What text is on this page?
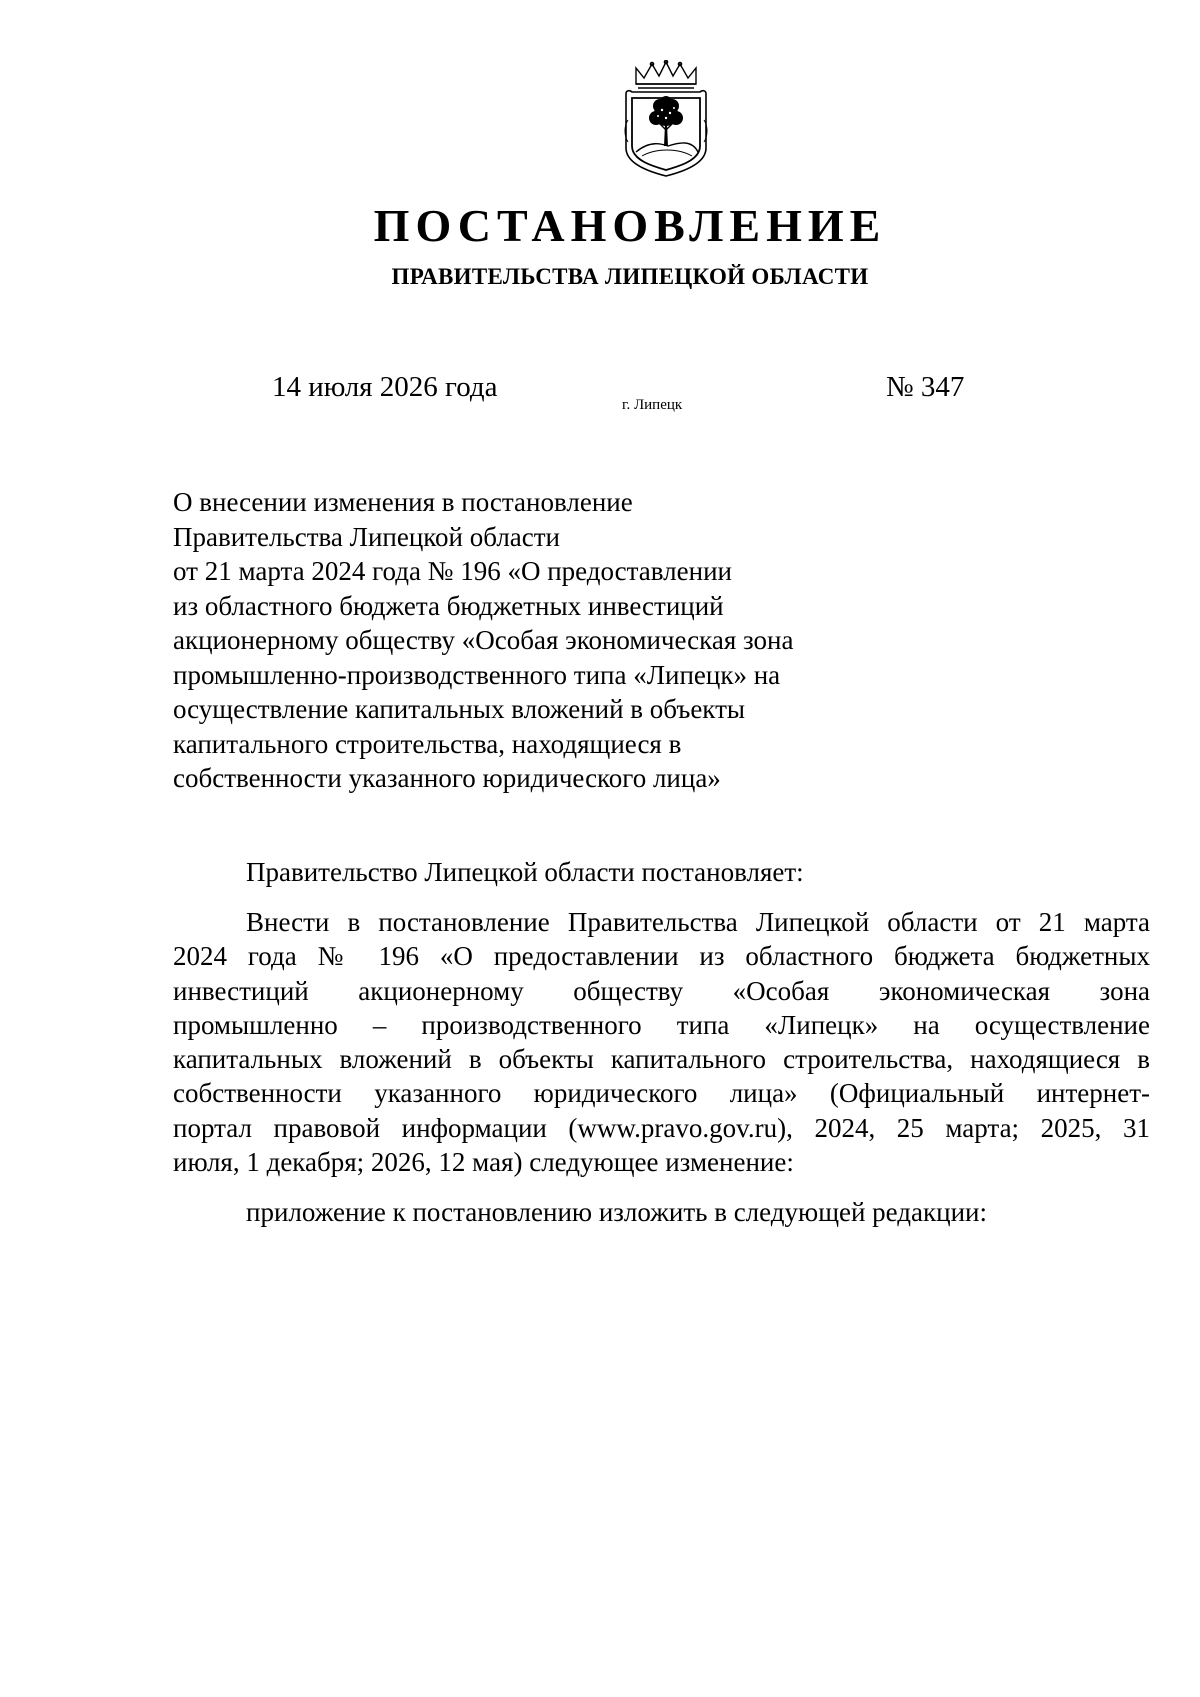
ПОСТАНОВЛЕНИЕ
ПРАВИТЕЛЬСТВА ЛИПЕЦКОЙ ОБЛАСТИ
14 июля 2026 года
г. Липецк
№ 347
О внесении изменения в постановление
Правительства Липецкой области
от 21 марта 2024 года № 196 «О предоставлении
из областного бюджета бюджетных инвестиций
акционерному обществу «Особая экономическая зона
промышленно-производственного типа «Липецк» на
осуществление капитальных вложений в объекты
капитального строительства, находящиеся в
собственности указанного юридического лица»

Правительство Липецкой области постановляет:

Внести в постановление Правительства Липецкой области от 21 марта
2024 года № 196 «О предоставлении из областного бюджета бюджетных
инвестиций акционерному обществу «Особая экономическая зона
промышленно – производственного типа «Липецк» на осуществление
капитальных вложений в объекты капитального строительства, находящиеся в
собственности указанного юридического лица» (Официальный интернет-
портал правовой информации (www.pravo.gov.ru), 2024, 25 марта; 2025, 31
июля, 1 декабря; 2026, 12 мая) следующее изменение:

приложение к постановлению изложить в следующей редакции:
